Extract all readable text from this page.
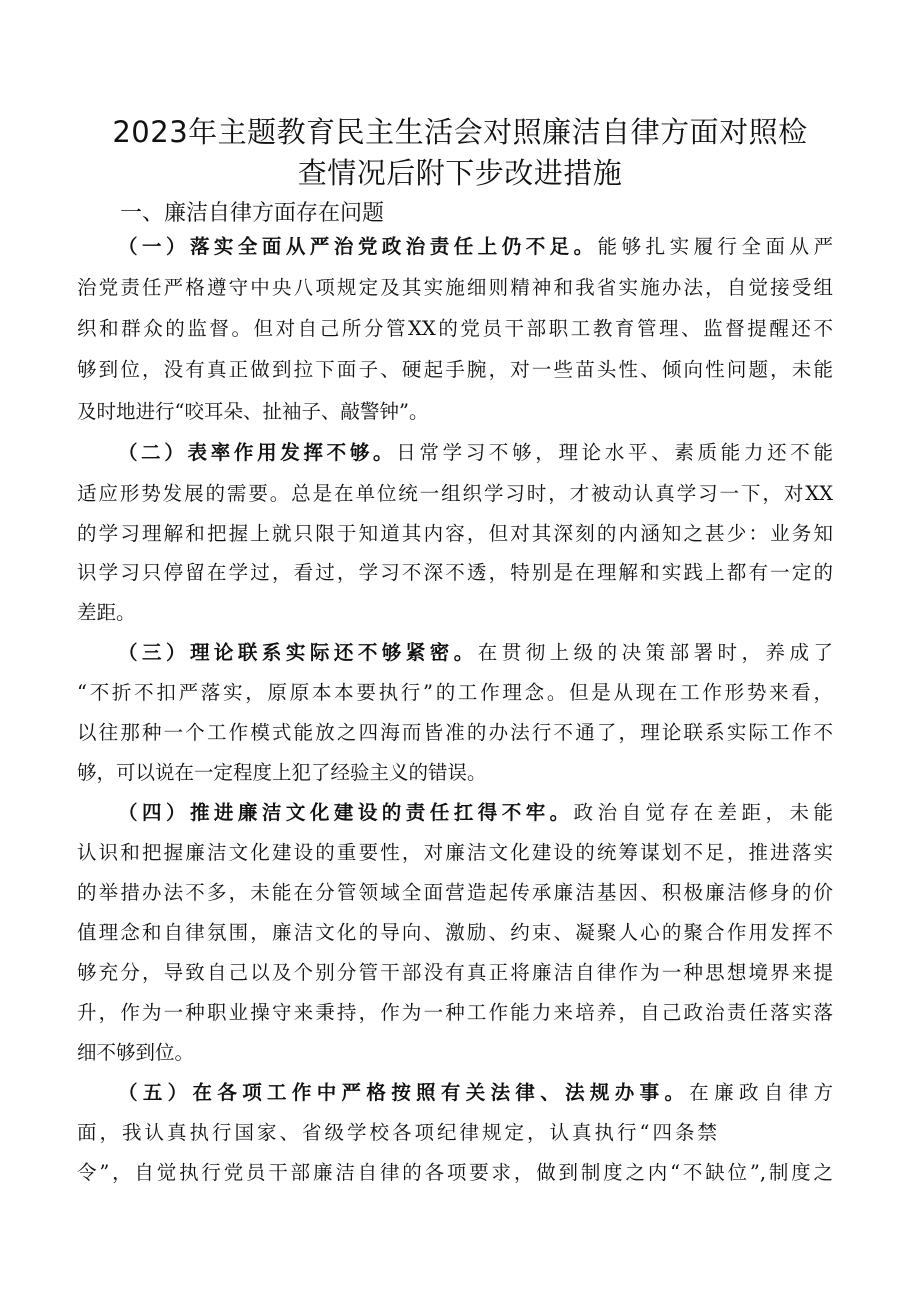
2023年主题教育民主生活会对照廉洁自律方面对照检
查情况后附下步改进措施
一、廉洁自律方面存在问题
（一）落实全面从严治党政治责任上仍不足。能够扎实履行全面从严
治党责任严格遵守中央八项规定及其实施细则精神和我省实施办法，自觉接受组
织和群众的监督。但对自己所分管XX的党员干部职工教育管理、监督提醒还不
够到位，没有真正做到拉下面子、硬起手腕，对一些苗头性、倾向性问题，未能
及时地进行“咬耳朵、扯袖子、敲警钟”。
（二）表率作用发挥不够。日常学习不够，理论水平、素质能力还不能
适应形势发展的需要。总是在单位统一组织学习时，才被动认真学习一下，对XX
的学习理解和把握上就只限于知道其内容，但对其深刻的内涵知之甚少：业务知
识学习只停留在学过，看过，学习不深不透，特别是在理解和实践上都有一定的
差距。
（三）理论联系实际还不够紧密。在贯彻上级的决策部署时，养成了
“不折不扣严落实，原原本本要执行”的工作理念。但是从现在工作形势来看，
以往那种一个工作模式能放之四海而皆准的办法行不通了，理论联系实际工作不
够，可以说在一定程度上犯了经验主义的错误。
（四）推进廉洁文化建设的责任扛得不牢。政治自觉存在差距，未能
认识和把握廉洁文化建设的重要性，对廉洁文化建设的统筹谋划不足，推进落实
的举措办法不多，未能在分管领域全面营造起传承廉洁基因、积极廉洁修身的价
值理念和自律氛围，廉洁文化的导向、激励、约束、凝聚人心的聚合作用发挥不
够充分，导致自己以及个别分管干部没有真正将廉洁自律作为一种思想境界来提
升，作为一种职业操守来秉持，作为一种工作能力来培养，自己政治责任落实落
细不够到位。
（五）在各项工作中严格按照有关法律、法规办事。在廉政自律方
面，我认真执行国家、省级学校各项纪律规定，认真执行“四条禁
令”，自觉执行党员干部廉洁自律的各项要求，做到制度之内“不缺位”,制度之
